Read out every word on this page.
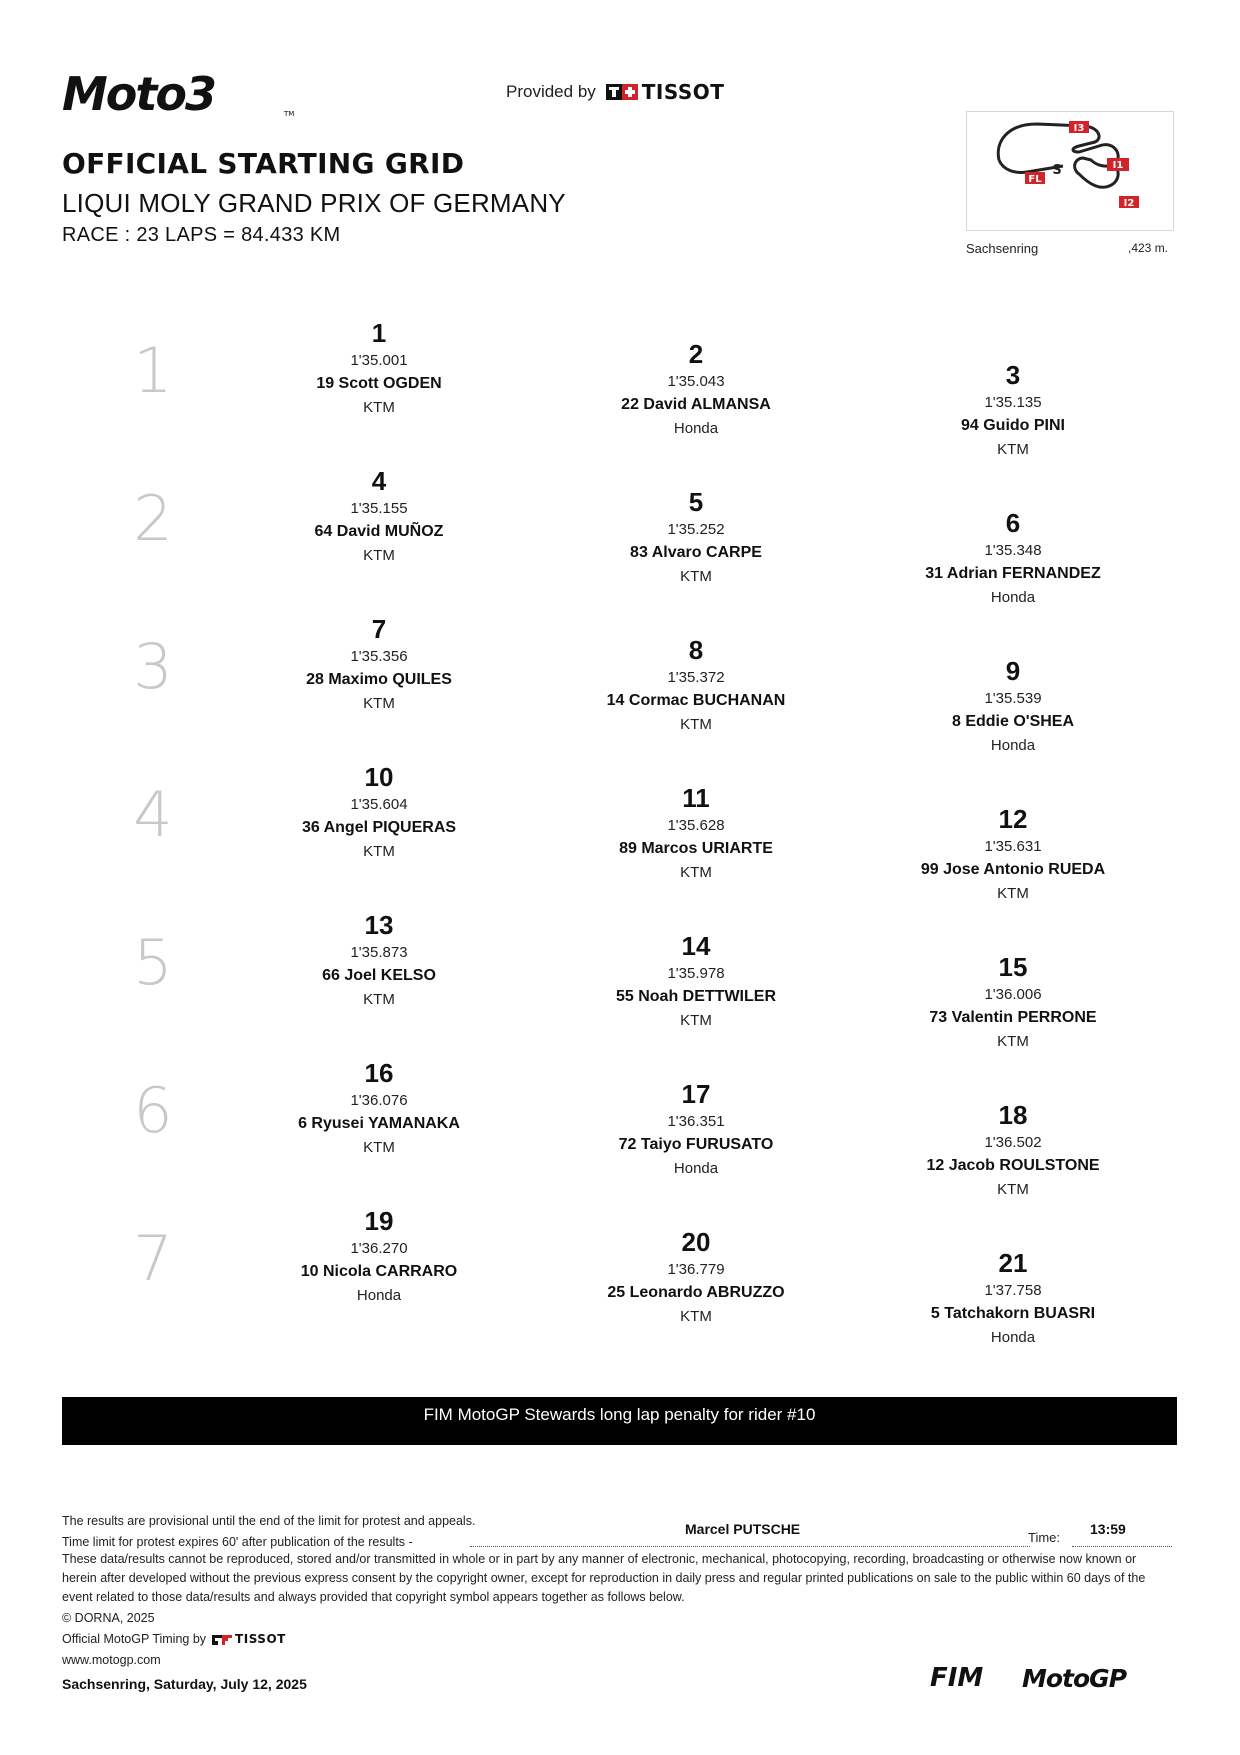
Moto3	TM
Provided by TISSOT
OFFICIAL STARTING GRID
LIQUI MOLY GRAND PRIX OF GERMANY
RACE : 23 LAPS = 84.433 KM
I3
I1
I2
FL
S
Sachsenring	,423 m.
1
1
1'35.001
19 Scott OGDEN
KTM
2
1'35.043
22 David ALMANSA
Honda
3
1'35.135
94 Guido PINI
KTM
2
4
1'35.155
64 David MUÑOZ
KTM
5
1'35.252
83 Alvaro CARPE
KTM
6
1'35.348
31 Adrian FERNANDEZ
Honda
3
7
1'35.356
28 Maximo QUILES
KTM
8
1'35.372
14 Cormac BUCHANAN
KTM
9
1'35.539
8 Eddie O'SHEA
Honda
4
10
1'35.604
36 Angel PIQUERAS
KTM
11
1'35.628
89 Marcos URIARTE
KTM
12
1'35.631
99 Jose Antonio RUEDA
KTM
5
13
1'35.873
66 Joel KELSO
KTM
14
1'35.978
55 Noah DETTWILER
KTM
15
1'36.006
73 Valentin PERRONE
KTM
6
16
1'36.076
6 Ryusei YAMANAKA
KTM
17
1'36.351
72 Taiyo FURUSATO
Honda
18
1'36.502
12 Jacob ROULSTONE
KTM
7
19
1'36.270
10 Nicola CARRARO
Honda
20
1'36.779
25 Leonardo ABRUZZO
KTM
21
1'37.758
5 Tatchakorn BUASRI
Honda
FIM MotoGP Stewards long lap penalty for rider #10
The results are provisional until the end of the limit for protest and appeals.
Time limit for protest expires 60' after publication of the results -
Marcel PUTSCHE
Time:
13:59
These data/results cannot be reproduced, stored and/or transmitted in whole or in part by any manner of electronic, mechanical, photocopying, recording, broadcasting or otherwise now known or herein after developed without the previous express consent by the copyright owner, except for reproduction in daily press and regular printed publications on sale to the public within 60 days of the event related to those data/results and always provided that copyright symbol appears together as follows below.
© DORNA, 2025
Official MotoGP Timing by TISSOT
www.motogp.com
Sachsenring, Saturday, July 12, 2025	FIM MotoGP
